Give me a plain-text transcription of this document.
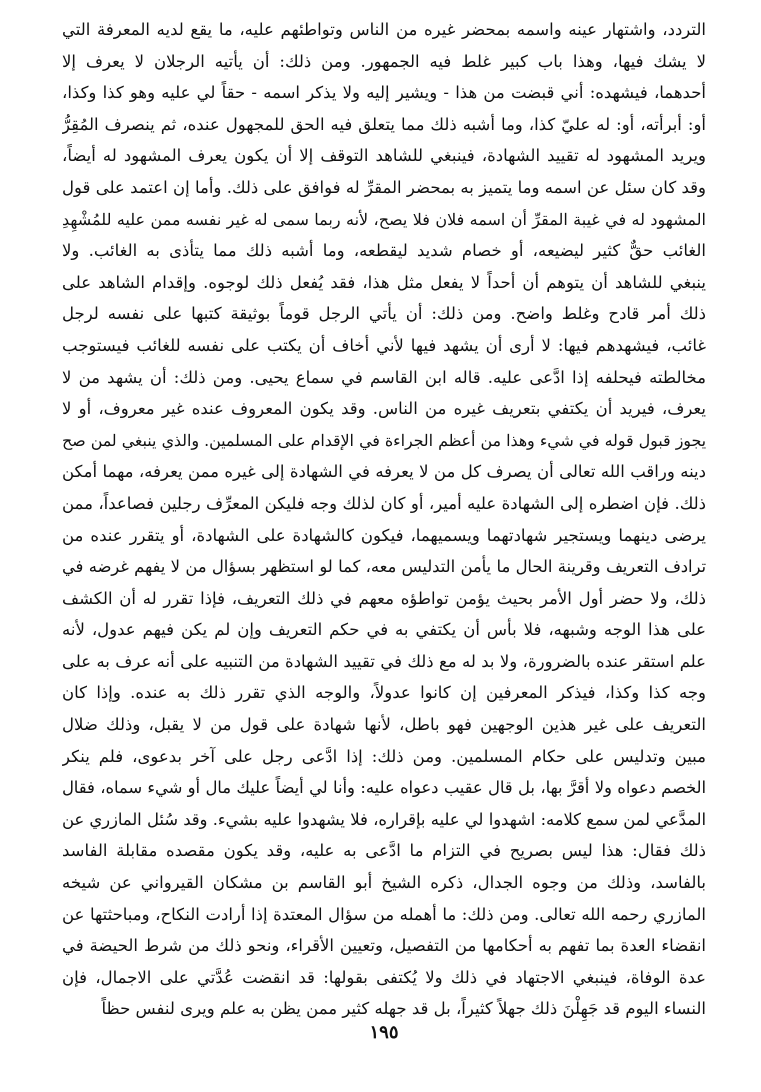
التردد، واشتهار عينه واسمه بمحضر غيره من الناس وتواطئهم عليه، ما يقع لديه المعرفة التي
لا يشك فيها، وهذا باب كبير غلط فيه الجمهور. ومن ذلك: أن يأتيه الرجلان لا يعرف إلا
أحدهما، فيشهده: أني قبضت من هذا - ويشير إليه ولا يذكر اسمه - حقاً لي عليه وهو كذا وكذا،
أو: أبرأته، أو: له عليّ كذا، وما أشبه ذلك مما يتعلق فيه الحق للمجهول عنده، ثم ينصرف المُقِرُّ
ويريد المشهود له تقييد الشهادة، فينبغي للشاهد التوقف إلا أن يكون يعرف المشهود له أيضاً،
وقد كان سئل عن اسمه وما يتميز به بمحضر المقرِّ له فوافق على ذلك. وأما إن اعتمد على قول
المشهود له في غيبة المقرِّ أن اسمه فلان فلا يصح، لأنه ربما سمى له غير نفسه ممن عليه للمُشْهِدِ
الغائب حقٌّ كثير ليضيعه، أو خصام شديد ليقطعه، وما أشبه ذلك مما يتأذى به الغائب. ولا
ينبغي للشاهد أن يتوهم أن أحداً لا يفعل مثل هذا، فقد يُفعل ذلك لوجوه. وإقدام الشاهد على
ذلك أمر قادح وغلط واضح. ومن ذلك: أن يأتي الرجل قوماً بوثيقة كتبها على نفسه لرجل
غائب، فيشهدهم فيها: لا أرى أن يشهد فيها لأني أخاف أن يكتب على نفسه للغائب فيستوجب
مخالطته فيحلفه إذا ادَّعى عليه. قاله ابن القاسم في سماع يحيى. ومن ذلك: أن يشهد من لا
يعرف، فيريد أن يكتفي بتعريف غيره من الناس. وقد يكون المعروف عنده غير معروف، أو لا
يجوز قبول قوله في شيء وهذا من أعظم الجراءة في الإقدام على المسلمين. والذي ينبغي لمن صح
دينه وراقب الله تعالى أن يصرف كل من لا يعرفه في الشهادة إلى غيره ممن يعرفه، مهما أمكن
ذلك. فإن اضطره إلى الشهادة عليه أمير، أو كان لذلك وجه فليكن المعرِّف رجلين فصاعداً، ممن
يرضى دينهما ويستجير شهادتهما ويسميهما، فيكون كالشهادة على الشهادة، أو يتقرر عنده من
ترادف التعريف وقرينة الحال ما يأمن التدليس معه، كما لو استظهر بسؤال من لا يفهم غرضه في
ذلك، ولا حضر أول الأمر بحيث يؤمن تواطؤه معهم في ذلك التعريف، فإذا تقرر له أن الكشف
على هذا الوجه وشبهه، فلا بأس أن يكتفي به في حكم التعريف وإن لم يكن فيهم عدول، لأنه
علم استقر عنده بالضرورة، ولا بد له مع ذلك في تقييد الشهادة من التنبيه على أنه عرف به على
وجه كذا وكذا، فيذكر المعرفين إن كانوا عدولاً، والوجه الذي تقرر ذلك به عنده. وإذا كان
التعريف على غير هذين الوجهين فهو باطل، لأنها شهادة على قول من لا يقبل، وذلك ضلال
مبين وتدليس على حكام المسلمين. ومن ذلك: إذا ادَّعى رجل على آخر بدعوى، فلم ينكر
الخصم دعواه ولا أقرَّ بها، بل قال عقيب دعواه عليه: وأنا لي أيضاً عليك مال أو شيء سماه، فقال
المدَّعي لمن سمع كلامه: اشهدوا لي عليه بإقراره، فلا يشهدوا عليه بشيء. وقد سُئل المازري عن
ذلك فقال: هذا ليس بصريح في التزام ما ادَّعى به عليه، وقد يكون مقصده مقابلة الفاسد
بالفاسد، وذلك من وجوه الجدال، ذكره الشيخ أبو القاسم بن مشكان القيرواني عن شيخه
المازري رحمه الله تعالى. ومن ذلك: ما أهمله من سؤال المعتدة إذا أرادت النكاح، ومباحثتها عن
انقضاء العدة بما تفهم به أحكامها من التفصيل، وتعيين الأقراء، ونحو ذلك من شرط الحيضة في
عدة الوفاة، فينبغي الاجتهاد في ذلك ولا يُكتفى بقولها: قد انقضت عُدَّتي على الاجمال، فإن
النساء اليوم قد جَهِلْنَ ذلك جهلاً كثيراً، بل قد جهله كثير ممن يظن به علم ويرى لنفس حظاً
١٩٥
